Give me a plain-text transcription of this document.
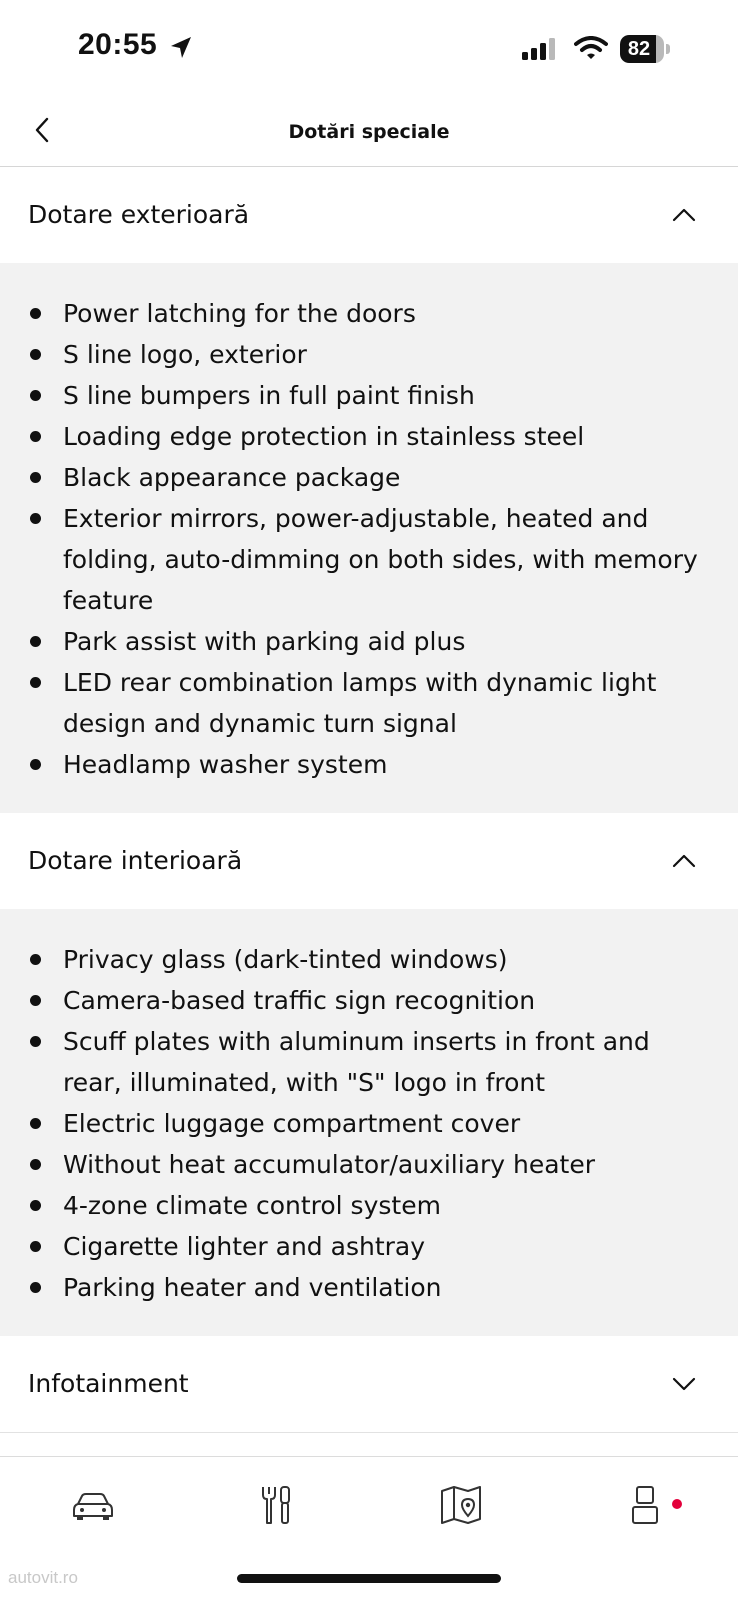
20:55	82
Dotări speciale
Dotare exterioară
Power latching for the doors
S line logo, exterior
S line bumpers in full paint finish
Loading edge protection in stainless steel
Black appearance package
Exterior mirrors, power-adjustable, heated and folding, auto-dimming on both sides, with memory feature
Park assist with parking aid plus
LED rear combination lamps with dynamic light design and dynamic turn signal
Headlamp washer system
Dotare interioară
Privacy glass (dark-tinted windows)
Camera-based traffic sign recognition
Scuff plates with aluminum inserts in front and rear, illuminated, with "S" logo in front
Electric luggage compartment cover
Without heat accumulator/auxiliary heater
4-zone climate control system
Cigarette lighter and ashtray
Parking heater and ventilation
Infotainment
autovit.ro
